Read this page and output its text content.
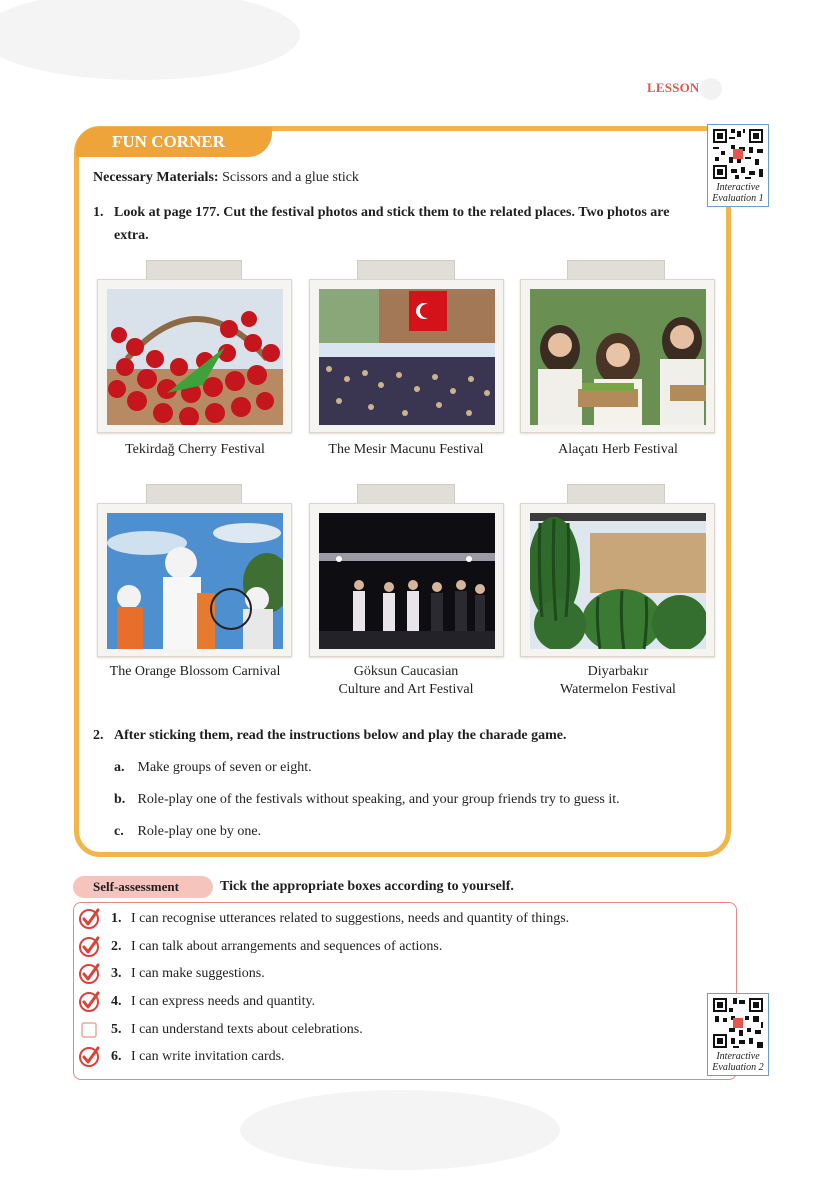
LESSON
FUN CORNER
Interactive
Evaluation 1
Necessary Materials: Scissors and a glue stick
1. Look at page 177. Cut the festival photos and stick them to the related places. Two photos are extra.
Tekirdağ Cherry Festival	The Mesir Macunu Festival	Alaçatı Herb Festival
The Orange Blossom Carnival	Göksun Caucasian
Culture and Art Festival
Diyarbakır
Watermelon Festival
2. After sticking them, read the instructions below and play the charade game.
a. Make groups of seven or eight.
b. Role-play one of the festivals without speaking, and your group friends try to guess it.
c. Role-play one by one.
Self-assessment	Tick the appropriate boxes according to yourself.
Interactive
Evaluation 2
1. I can recognise utterances related to suggestions, needs and quantity of things.
2. I can talk about arrangements and sequences of actions.
3. I can make suggestions.
4. I can express needs and quantity.
5. I can understand texts about celebrations.
6. I can write invitation cards.
